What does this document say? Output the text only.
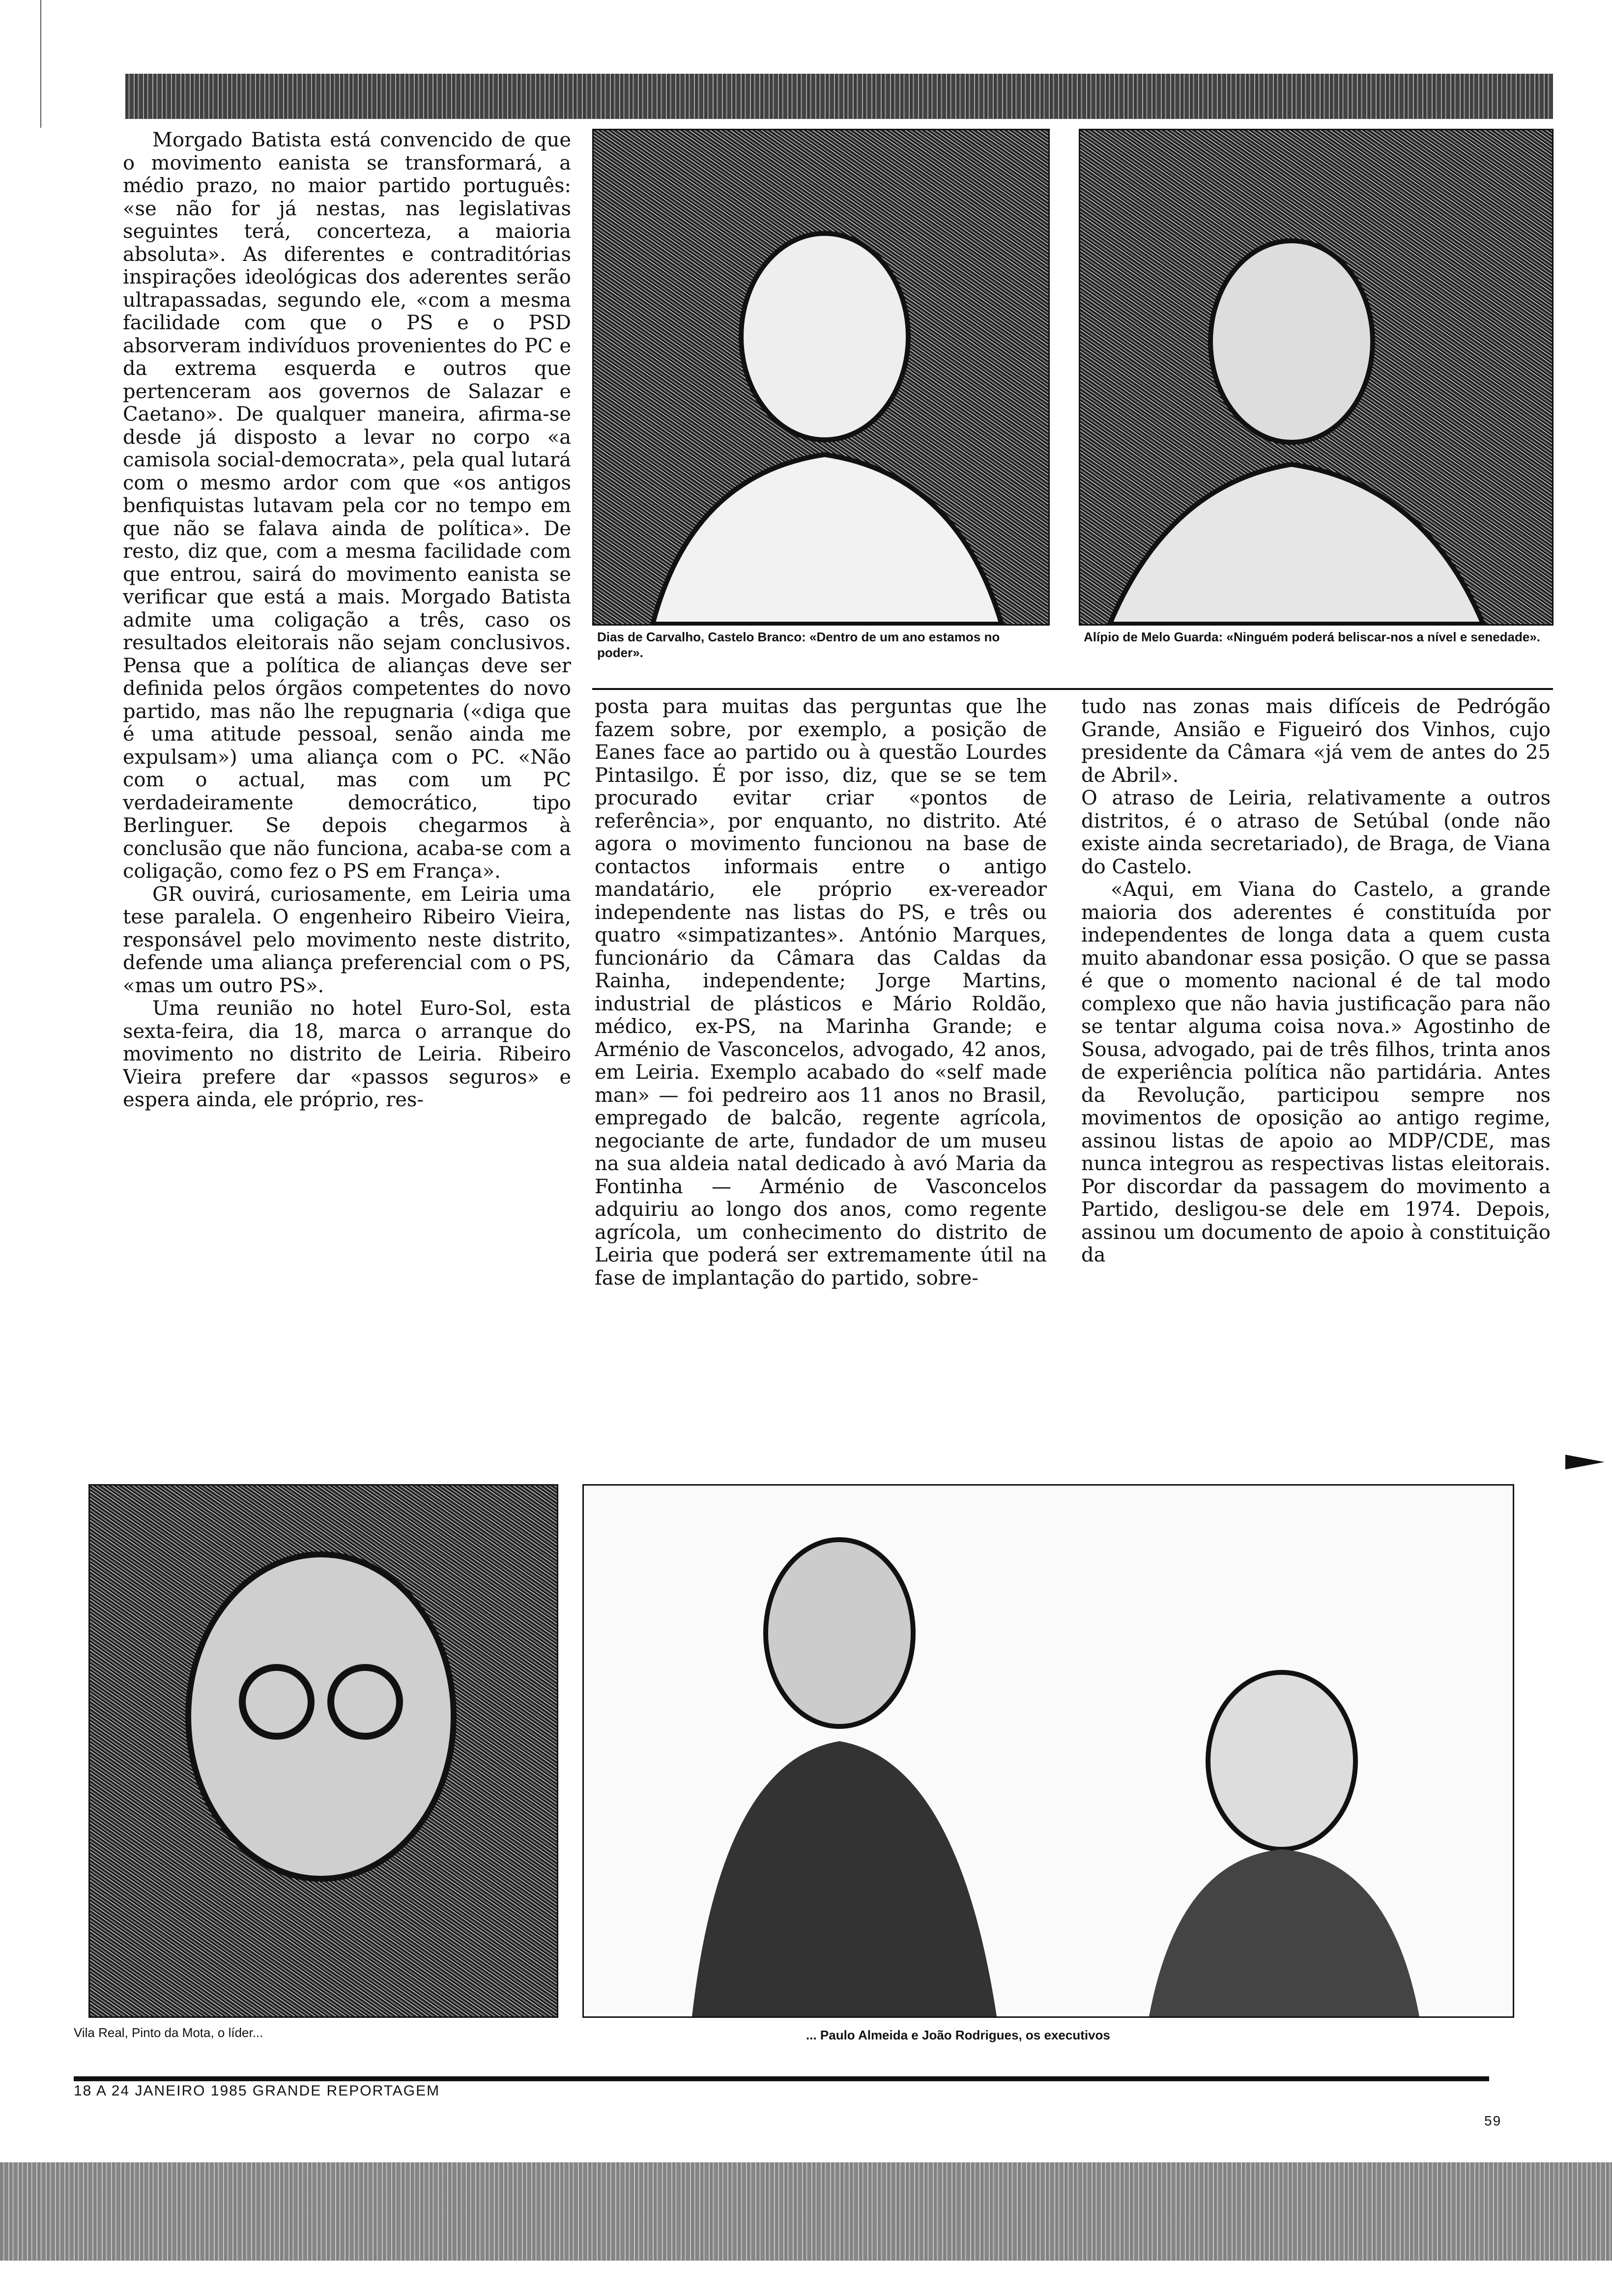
Morgado Batista está convencido de que o movimento eanista se transformará, a médio prazo, no maior partido português: «se não for já nestas, nas legislativas seguintes terá, concerteza, a maioria absoluta». As diferentes e contraditórias inspirações ideológicas dos aderentes serão ultrapassadas, segundo ele, «com a mesma facilidade com que o PS e o PSD absorveram indivíduos provenientes do PC e da extrema esquerda e outros que pertenceram aos governos de Salazar e Caetano». De qualquer maneira, afirma-se desde já disposto a levar no corpo «a camisola social-democrata», pela qual lutará com o mesmo ardor com que «os antigos benfiquistas lutavam pela cor no tempo em que não se falava ainda de política». De resto, diz que, com a mesma facilidade com que entrou, sairá do movimento eanista se verificar que está a mais. Morgado Batista admite uma coligação a três, caso os resultados eleitorais não sejam conclusivos. Pensa que a política de alianças deve ser definida pelos órgãos competentes do novo partido, mas não lhe repugnaria («diga que é uma atitude pessoal, senão ainda me expulsam») uma aliança com o PC. «Não com o actual, mas com um PC verdadeiramente democrático, tipo Berlinguer. Se depois chegarmos à conclusão que não funciona, acaba-se com a coligação, como fez o PS em França».

GR ouvirá, curiosamente, em Leiria uma tese paralela. O engenheiro Ribeiro Vieira, responsável pelo movimento neste distrito, defende uma aliança preferencial com o PS, «mas um outro PS».

Uma reunião no hotel Euro-Sol, esta sexta-feira, dia 18, marca o arranque do movimento no distrito de Leiria. Ribeiro Vieira prefere dar «passos seguros» e espera ainda, ele próprio, res-

Dias de Carvalho, Castelo Branco: «Dentro de um ano estamos no poder».
Alípio de Melo Guarda: «Ninguém poderá beliscar-nos a nível e senedade».

posta para muitas das perguntas que lhe fazem sobre, por exemplo, a posição de Eanes face ao partido ou à questão Lourdes Pintasilgo. É por isso, diz, que se se tem procurado evitar criar «pontos de referência», por enquanto, no distrito. Até agora o movimento funcionou na base de contactos informais entre o antigo mandatário, ele próprio ex-vereador independente nas listas do PS, e três ou quatro «simpatizantes». António Marques, funcionário da Câmara das Caldas da Rainha, independente; Jorge Martins, industrial de plásticos e Mário Roldão, médico, ex-PS, na Marinha Grande; e Arménio de Vasconcelos, advogado, 42 anos, em Leiria. Exemplo acabado do «self made man» — foi pedreiro aos 11 anos no Brasil, empregado de balcão, regente agrícola, negociante de arte, fundador de um museu na sua aldeia natal dedicado à avó Maria da Fontinha — Arménio de Vasconcelos adquiriu ao longo dos anos, como regente agrícola, um conhecimento do distrito de Leiria que poderá ser extremamente útil na fase de implantação do partido, sobre-

tudo nas zonas mais difíceis de Pedrógão Grande, Ansião e Figueiró dos Vinhos, cujo presidente da Câmara «já vem de antes do 25 de Abril».

O atraso de Leiria, relativamente a outros distritos, é o atraso de Setúbal (onde não existe ainda secretariado), de Braga, de Viana do Castelo.

«Aqui, em Viana do Castelo, a grande maioria dos aderentes é constituída por independentes de longa data a quem custa muito abandonar essa posição. O que se passa é que o momento nacional é de tal modo complexo que não havia justificação para não se tentar alguma coisa nova.» Agostinho de Sousa, advogado, pai de três filhos, trinta anos de experiência política não partidária. Antes da Revolução, participou sempre nos movimentos de oposição ao antigo regime, assinou listas de apoio ao MDP/CDE, mas nunca integrou as respectivas listas eleitorais. Por discordar da passagem do movimento a Partido, desligou-se dele em 1974. Depois, assinou um documento de apoio à constituição da

Vila Real, Pinto da Mota, o líder...	... Paulo Almeida e João Rodrigues, os executivos
18 A 24 JANEIRO 1985 GRANDE REPORTAGEM
59
